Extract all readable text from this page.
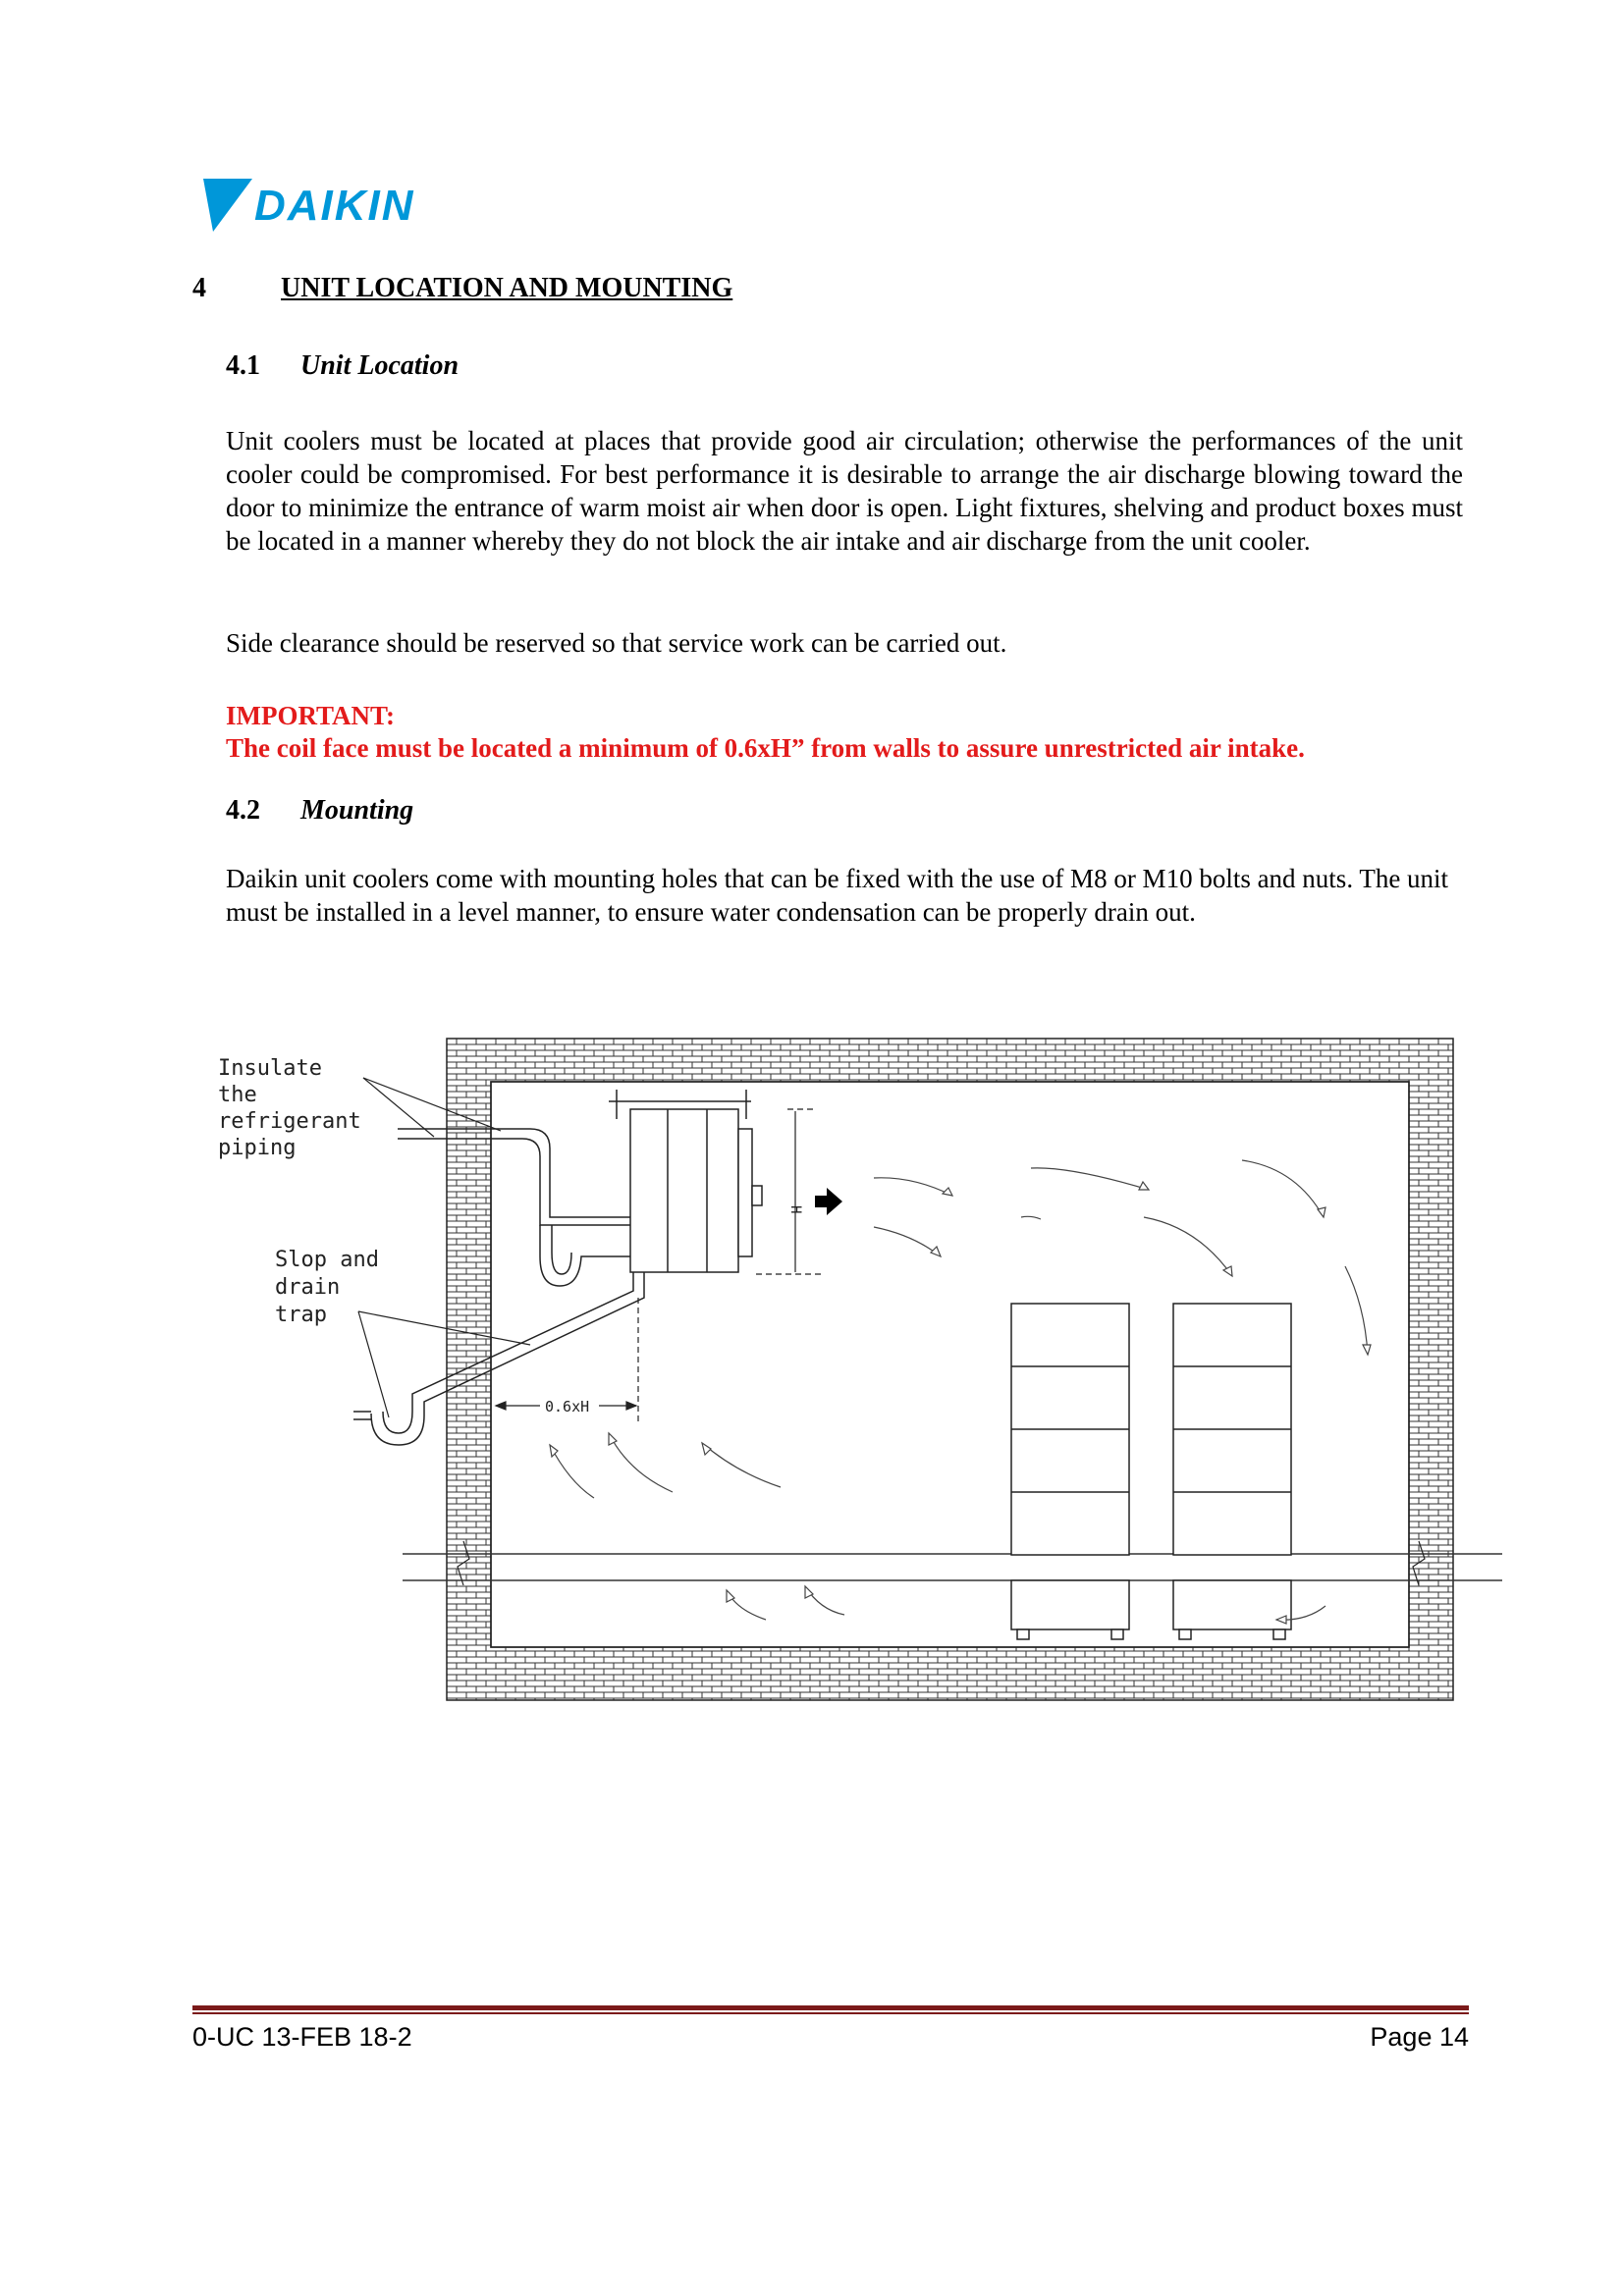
DAIKIN
4	UNIT LOCATION AND MOUNTING
4.1 Unit Location

Unit coolers must be located at places that provide good air circulation; otherwise the performances of the unit cooler could be compromised. For best performance it is desirable to arrange the air discharge blowing toward the door to minimize the entrance of warm moist air when door is open. Light fixtures, shelving and product boxes must be located in a manner whereby they do not block the air intake and air discharge from the unit cooler.

Side clearance should be reserved so that service work can be carried out.

IMPORTANT:
The coil face must be located a minimum of 0.6xH” from walls to assure unrestricted air intake.
4.2 Mounting

Daikin unit coolers come with mounting holes that can be fixed with the use of M8 or M10 bolts and nuts. The unit must be installed in a level manner, to ensure water condensation can be properly drain out.

H
0.6xH
Insulate
the
refrigerant
piping
Slop and
drain
trap
0-UC 13-FEB 18-2	Page 14
